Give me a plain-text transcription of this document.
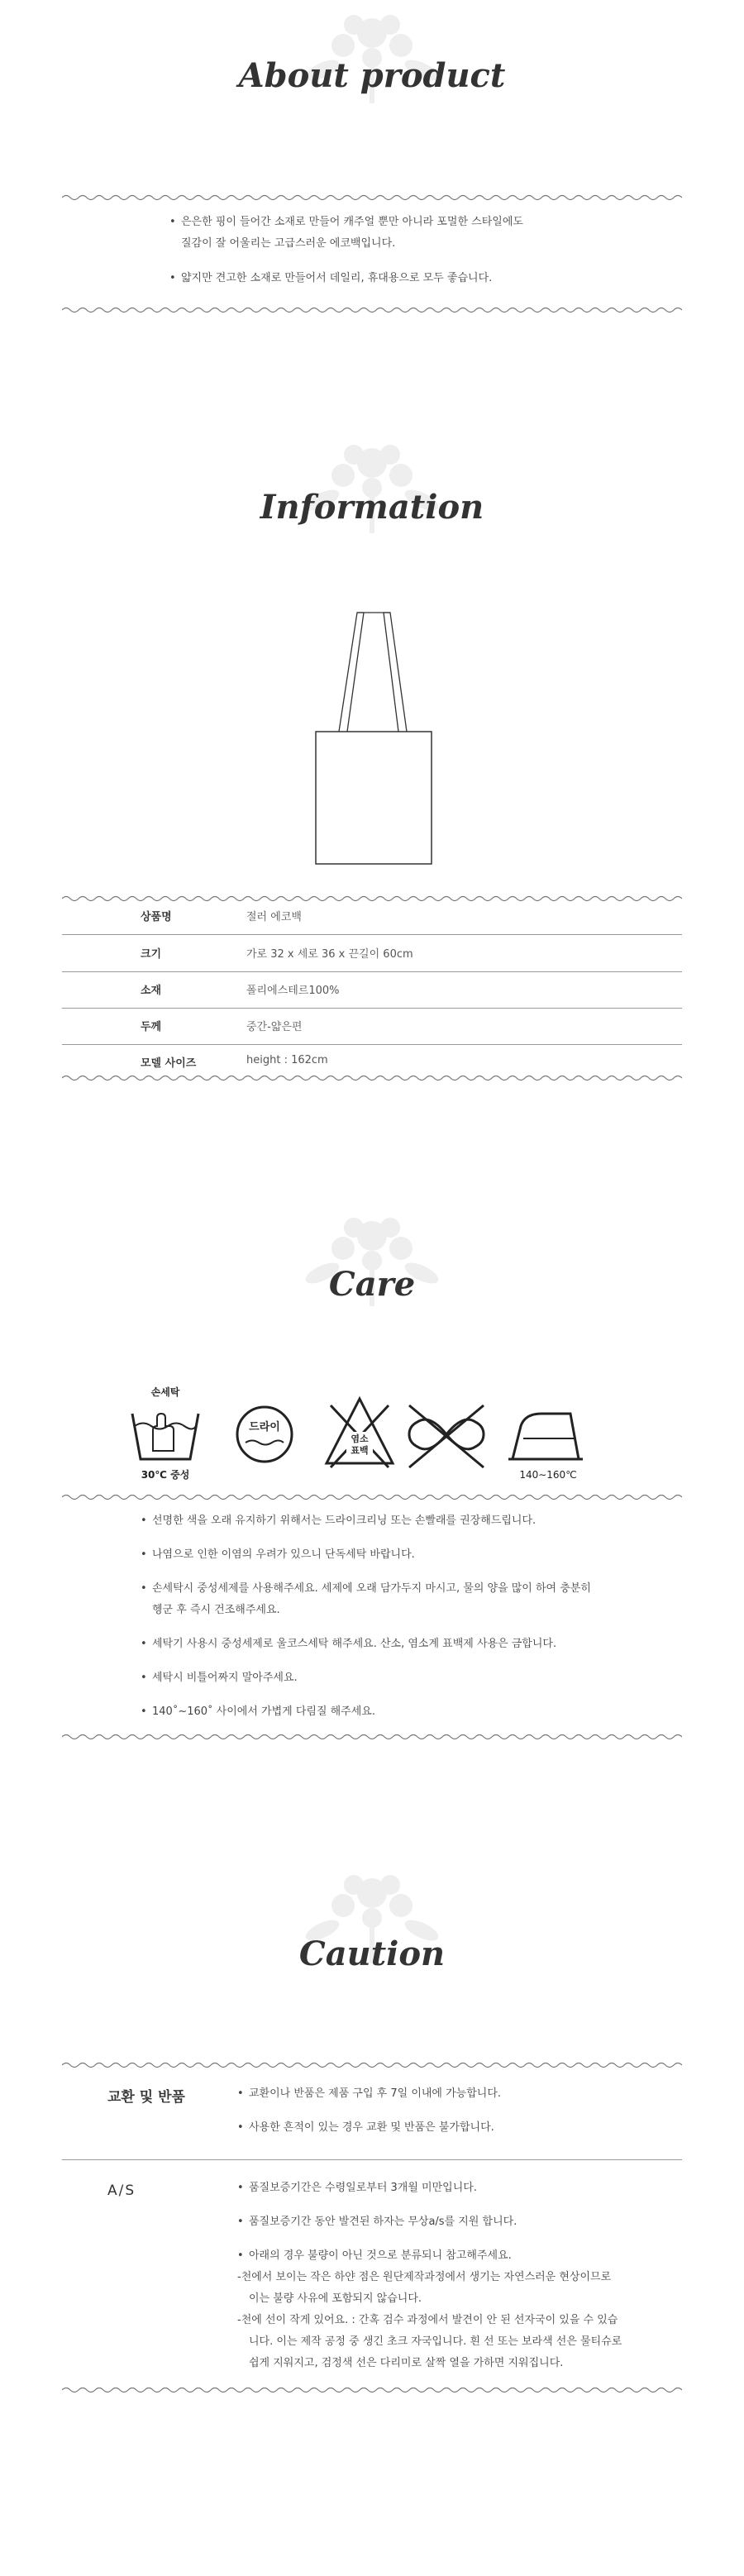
About product
• 은은한 핑이 들어간 소재로 만들어 캐주얼 뿐만 아니라 포멀한 스타일에도
질감이 잘 어울리는 고급스러운 에코백입니다.
• 얇지만 견고한 소재로 만들어서 데일리, 휴대용으로 모두 좋습니다.
Information
상품명	절러 에코백
크기	가로 32 x 세로 36 x 끈길이 60cm
소재	폴리에스테르100%
두께	중간-얇은편
모델 사이즈	height : 162cm
Care
손세탁
30℃ 중성
드라이
염소
표백
140∼160℃
• 선명한 색을 오래 유지하기 위해서는 드라이크리닝 또는 손빨래를 권장해드립니다.
• 나염으로 인한 이염의 우려가 있으니 단독세탁 바랍니다.
• 손세탁시 중성세제를 사용해주세요. 세제에 오래 담가두지 마시고, 물의 양을 많이 하여 충분히
헹군 후 즉시 건조해주세요.
• 세탁기 사용시 중성세제로 울코스세탁 해주세요. 산소, 염소계 표백제 사용은 금합니다.
• 세탁시 비틀어짜지 말아주세요.
• 140˚~160˚ 사이에서 가볍게 다림질 해주세요.
Caution
교환 및 반품	• 교환이나 반품은 제품 구입 후 7일 이내에 가능합니다.
• 사용한 흔적이 있는 경우 교환 및 반품은 불가합니다.
A/S	• 품질보증기간은 수령일로부터 3개월 미만입니다.
• 품질보증기간 동안 발견된 하자는 무상a/s를 지원 합니다.
• 아래의 경우 불량이 아닌 것으로 분류되니 참고해주세요.
-천에서 보이는 작은 하얀 점은 원단제작과정에서 생기는 자연스러운 현상이므로
이는 불량 사유에 포함되지 않습니다.
-천에 선이 작게 있어요. : 간혹 검수 과정에서 발견이 안 된 선자국이 있을 수 있습
니다. 이는 제작 공정 중 생긴 초크 자국입니다. 흰 선 또는 보라색 선은 물티슈로
쉽게 지워지고, 검정색 선은 다리미로 살짝 열을 가하면 지워집니다.
